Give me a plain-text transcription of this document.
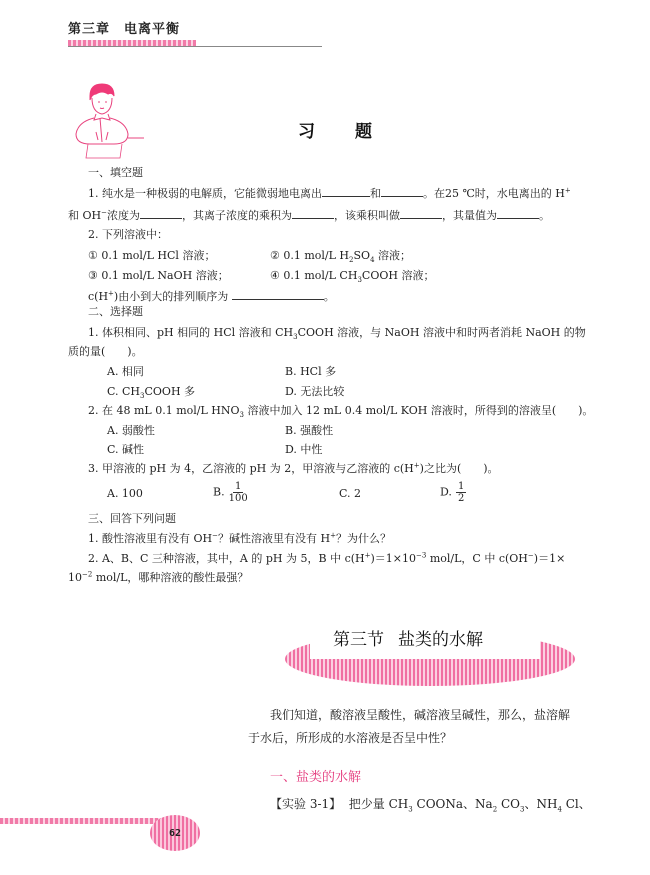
第三章 电离平衡
习 题
一、填空题
1. 纯水是一种极弱的电解质，它能微弱地电离出	和	。在25 ℃时，水电离出的 H+
和 OH−浓度为	，其离子浓度的乘积为	，该乘积叫做	，其量值为	。
2. 下列溶液中：
① 0.1 mol/L HCl 溶液；	② 0.1 mol/L $H_2SO_4$ 溶液；
③ 0.1 mol/L NaOH 溶液；	④ 0.1 mol/L $CH_3COOH$ 溶液；
c(H+)由小到大的排列顺序为	。
二、选择题
1. 体积相同、pH 相同的 HCl 溶液和 $CH_3COOH$ 溶液，与 NaOH 溶液中和时两者消耗 NaOH 的物
质的量(　　)。
A. 相同	B. HCl 多
C. $CH_3COOH$ 多	D. 无法比较
2. 在 48 mL 0.1 mol/L $HNO_3$ 溶液中加入 12 mL 0.4 mol/L KOH 溶液时，所得到的溶液呈(　　)。
A. 弱酸性	B. 强酸性
C. 碱性	D. 中性
3. 甲溶液的 pH 为 4，乙溶液的 pH 为 2，甲溶液与乙溶液的 c(H+)之比为(　　)。
A. 100	B. $\frac{1}{100}$	C. 2	D. $\frac{1}{2}$
三、回答下列问题
1. 酸性溶液里有没有 OH−？碱性溶液里有没有 H+？为什么？
2. A、B、C 三种溶液，其中，A 的 pH 为 5，B 中 $c(H^+)=1\times 10^{-3}$ mol/L，C 中 c(OH−)＝1×
$10^{-2}$ mol/L，哪种溶液的酸性最强？
第三节 盐类的水解
我们知道，酸溶液呈酸性，碱溶液呈碱性，那么，盐溶解
于水后，所形成的水溶液是否呈中性？
一、盐类的水解
【实验 3-1】 把少量 $CH_3$ COONa、$Na_2$ $CO_3$、$NH_4$ Cl、
62
